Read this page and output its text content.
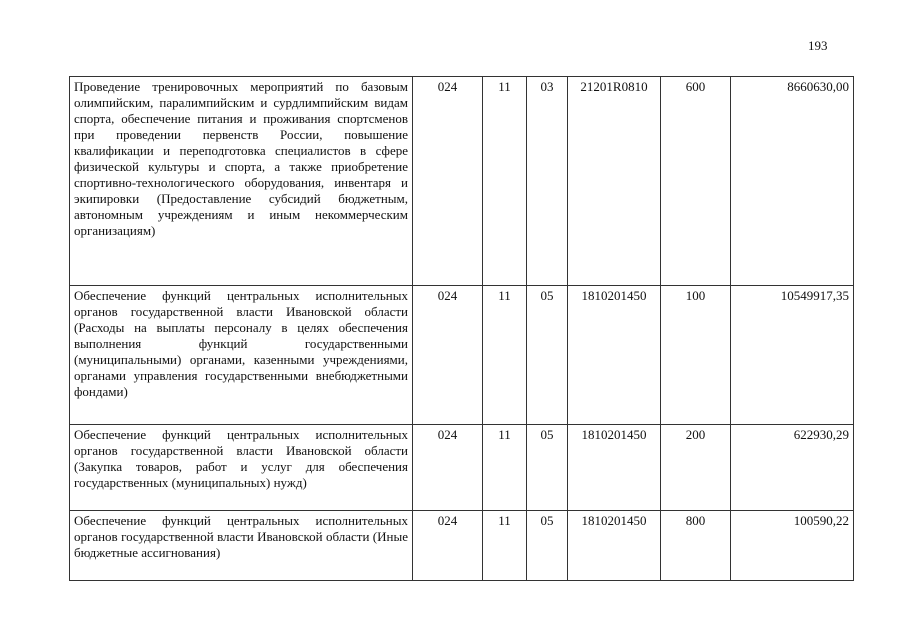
193
Проведение тренировочных мероприятий по базовым олимпийским, паралимпийским и сурдлимпийским видам спорта, обеспечение питания и проживания спортсменов при проведении первенств России, повышение квалификации и переподготовка специалистов в сфере физической культуры и спорта, а также приобретение спортивно-технологического оборудования, инвентаря и экипировки (Предоставление субсидий бюджетным, автономным учреждениям и иным некоммерческим организациям)	024	11	03	21201R0810	600	8660630,00
Обеспечение функций центральных исполнительных органов государственной власти Ивановской области (Расходы на выплаты персоналу в целях обеспечения выполнения функций государственными (муниципальными) органами, казенными учреждениями, органами управления государственными внебюджетными фондами)	024	11	05	1810201450	100	10549917,35
Обеспечение функций центральных исполнительных органов государственной власти Ивановской области (Закупка товаров, работ и услуг для обеспечения государственных (муниципальных) нужд)	024	11	05	1810201450	200	622930,29
Обеспечение функций центральных исполнительных органов государственной власти Ивановской области (Иные бюджетные ассигнования)	024	11	05	1810201450	800	100590,22
